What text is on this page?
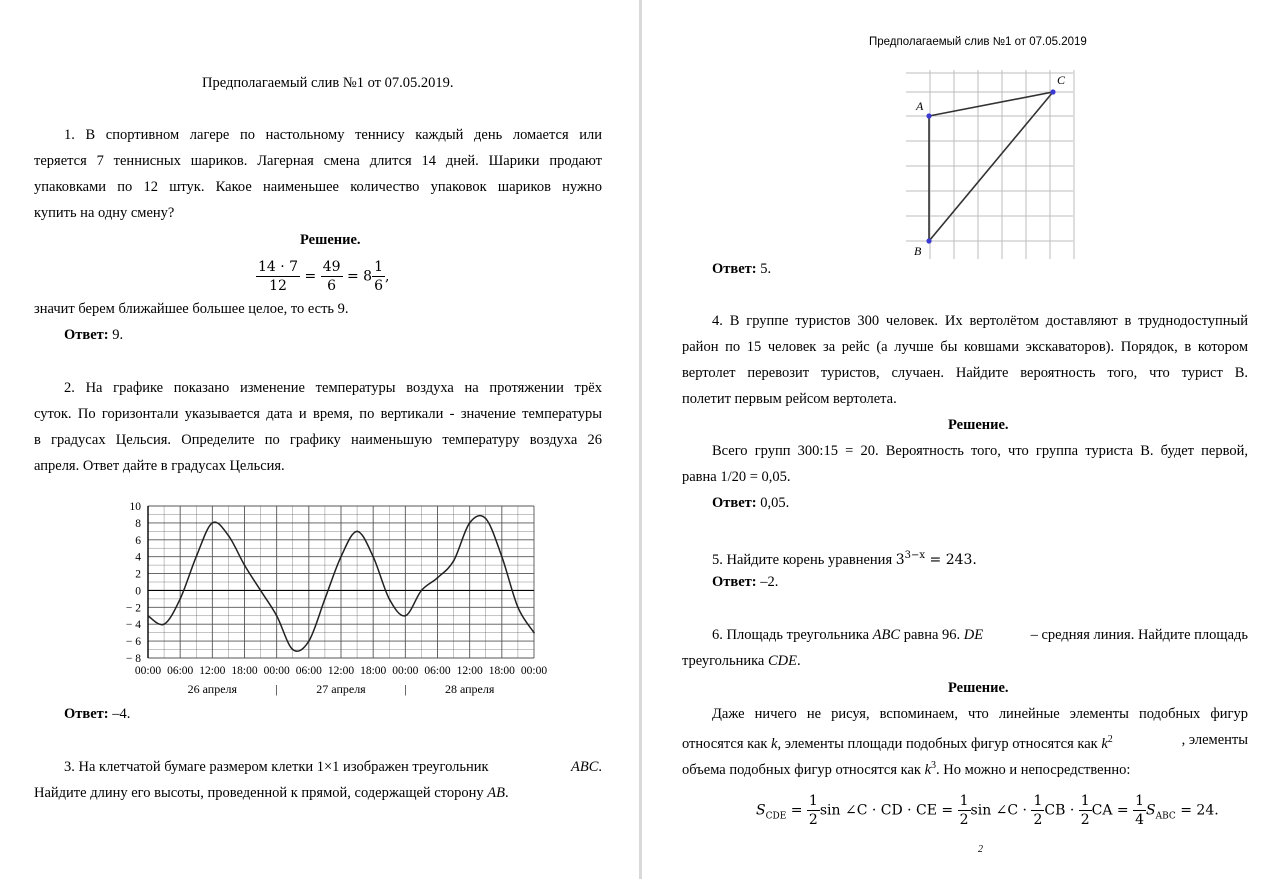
Предполагаемый слив №1 от 07.05.2019.
1. В спортивном лагере по настольному теннису каждый день ломается или
теряется 7 теннисных шариков. Лагерная смена длится 14 дней. Шарики продают
упаковками по 12 штук. Какое наименьшее количество упаковок шариков нужно
купить на одну смену?
Решение.
$\frac{14 \cdot 7}{12} = \frac{49}{6} = 8 \frac{1}{6}$ ,
значит берем ближайшее большее целое, то есть 9.
Ответ: 9.
2. На графике показано изменение температуры воздуха на протяжении трёх
суток. По горизонтали указывается дата и время, по вертикали - значение температуры
в градусах Цельсия. Определите по графику наименьшую температуру воздуха 26
апреля. Ответ дайте в градусах Цельсия.
10
8
6
4
2
0
− 2
− 4
− 6
− 8
00:00 06:00 12:00 18:00 00:00 06:00 12:00 18:00 00:00 06:00 12:00 18:00 00:00
26 апреля	|	27 апреля	|	28 апреля
Ответ: –4.
3. На клетчатой бумаге размером клетки 1×1 изображен треугольник	ABC.
Найдите длину его высоты, проведенной к прямой, содержащей сторону AB.
Предполагаемый слив №1 от 07.05.2019
A
B
C
Ответ: 5.
4. В группе туристов 300 человек. Их вертолётом доставляют в труднодоступный
район по 15 человек за рейс (а лучше бы ковшами экскаваторов). Порядок, в котором
вертолет перевозит туристов, случаен. Найдите вероятность того, что турист В.
полетит первым рейсом вертолета.
Решение.
Всего групп 300:15 = 20. Вероятность того, что группа туриста В. будет первой,
равна 1/20 = 0,05.
Ответ: 0,05.
5. Найдите корень уравнения $3^{3-x} = 243$.
Ответ: –2.
6. Площадь треугольника ABC равна 96. DE	– средняя линия. Найдите площадь
треугольника CDE.
Решение.
Даже ничего не рисуя, вспоминаем, что линейные элементы подобных фигур
относятся как k, элементы площади подобных фигур относятся как $k^2$	, элементы
объема подобных фигур относятся как $k^3$. Но можно и непосредственно:
$S_{CDE} = \frac{1}{2}$ sin ∠C · CD · CE = $\frac{1}{2}$ sin ∠C · $\frac{1}{2}$ CB · $\frac{1}{2}$ CA = $\frac{1}{4} S_{ABC} = 24$.
2
